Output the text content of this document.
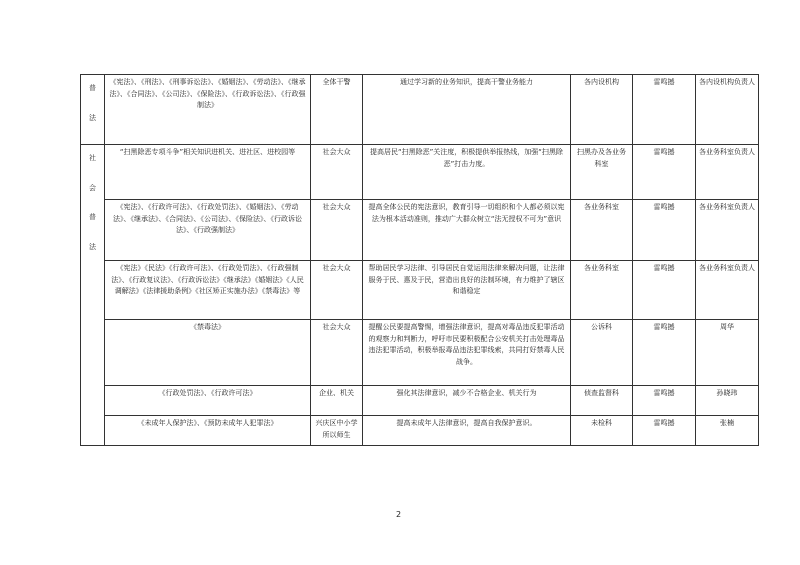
普
法	《宪法》、《刑法》、《刑事诉讼法》、《婚姻法》、《劳动法》、《继承法》、《合同法》、《公司法》、《保险法》、《行政诉讼法》、《行政强制法》	全体干警	通过学习新的业务知识，提高干警业务能力	各内设机构	雷鸣撼	各内设机构负责人

社
会
普
法	“扫黑除恶专项斗争”相关知识进机关、进社区、进校园等	社会大众	提高居民“扫黑除恶”关注度，积极提供举报热线，加强“扫黑除恶”打击力度。	扫黑办及各业务科室	雷鸣撼	各业务科室负责人
	《宪法》、《行政许可法》、《行政处罚法》、《婚姻法》、《劳动法》、《继承法》、《合同法》、《公司法》、《保险法》、《行政诉讼法》、《行政强制法》	社会大众	提高全体公民的宪法意识，教育引导一切组织和个人都必须以宪法为根本活动准则，推动广大群众树立“法无授权不可为”意识	各业务科室	雷鸣撼	各业务科室负责人
	《宪法》《民法》《行政许可法》、《行政处罚法》、《行政强制法》、《行政复议法》、《行政诉讼法》《继承法》《婚姻法》《人民调解法》《法律援助条例》《社区矫正实施办法》《禁毒法》等	社会大众	帮助居民学习法律、引导居民自觉运用法律来解决问题，让法律服务于民、惠及于民，营造出良好的法制环境，有力维护了辖区和谐稳定	各业务科室	雷鸣撼	各业务科室负责人
	《禁毒法》	社会大众	提醒公民要提高警惕，增强法律意识，提高对毒品违反犯罪活动的观察力和判断力，呼吁市民要积极配合公安机关打击处理毒品违法犯罪活动，积极举报毒品违法犯罪线索，共同打好禁毒人民战争。	公诉科	雷鸣撼	周华
	《行政处罚法》、《行政许可法》	企业、机关	强化其法律意识，减少不合格企业、机关行为	侦查监督科	雷鸣撼	孙晓玮
	《未成年人保护法》、《预防未成年人犯罪法》	兴庆区中小学所以师生	提高未成年人法律意识，提高自我保护意识。	未检科	雷鸣撼	张楠
2
